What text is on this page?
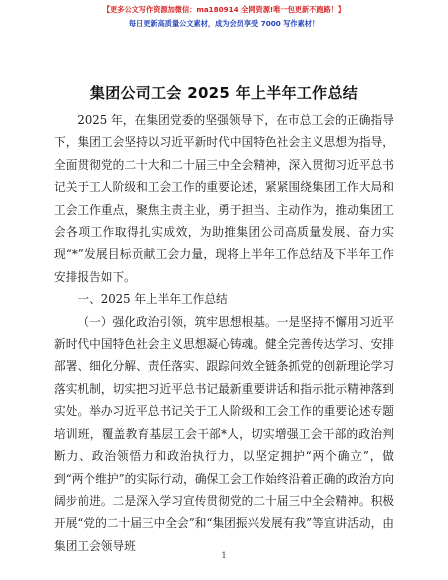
【更多公文写作资源加微信：ma180914 全网资源!唯一包更新不跑路！】
每日更新高质量公文素材，成为会员享受 7000 写作素材！
集团公司工会 2025 年上半年工作总结

2025 年，在集团党委的坚强领导下，在市总工会的正确指导下，集团工会坚持以习近平新时代中国特色社会主义思想为指导，全面贯彻党的二十大和二十届三中全会精神，深入贯彻习近平总书记关于工人阶级和工会工作的重要论述，紧紧围绕集团工作大局和工会工作重点，聚焦主责主业，勇于担当、主动作为，推动集团工会各项工作取得扎实成效，为助推集团公司高质量发展、奋力实现“*”发展目标贡献工会力量，现将上半年工作总结及下半年工作安排报告如下。

一、2025 年上半年工作总结

（一）强化政治引领，筑牢思想根基。一是坚持不懈用习近平新时代中国特色社会主义思想凝心铸魂。健全完善传达学习、安排部署、细化分解、责任落实、跟踪问效全链条抓党的创新理论学习落实机制，切实把习近平总书记最新重要讲话和指示批示精神落到实处。举办习近平总书记关于工人阶级和工会工作的重要论述专题培训班，覆盖教育基层工会干部*人，切实增强工会干部的政治判断力、政治领悟力和政治执行力，以坚定拥护“两个确立”，做到“两个维护”的实际行动，确保工会工作始终沿着正确的政治方向阔步前进。二是深入学习宣传贯彻党的二十届三中全会精神。积极开展“党的二十届三中全会”和“集团振兴发展有我”等宣讲活动，由集团工会领导班

1
